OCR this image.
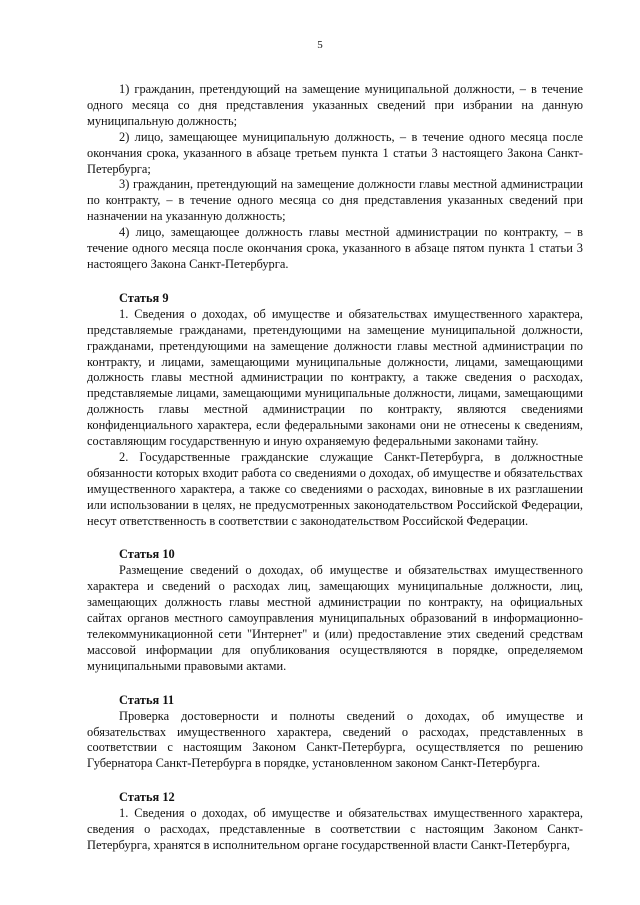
5

1) гражданин, претендующий на замещение муниципальной должности, – в течение одного месяца со дня представления указанных сведений при избрании на данную муниципальную должность;

2) лицо, замещающее муниципальную должность, – в течение одного месяца после окончания срока, указанного в абзаце третьем пункта 1 статьи 3 настоящего Закона Санкт-Петербурга;

3) гражданин, претендующий на замещение должности главы местной администрации по контракту, – в течение одного месяца со дня представления указанных сведений при назначении на указанную должность;

4) лицо, замещающее должность главы местной администрации по контракту, – в течение одного месяца после окончания срока, указанного в абзаце пятом пункта 1 статьи 3 настоящего Закона Санкт-Петербурга.

Статья 9

1. Сведения о доходах, об имуществе и обязательствах имущественного характера, представляемые гражданами, претендующими на замещение муниципальной должности, гражданами, претендующими на замещение должности главы местной администрации по контракту, и лицами, замещающими муниципальные должности, лицами, замещающими должность главы местной администрации по контракту, а также сведения о расходах, представляемые лицами, замещающими муниципальные должности, лицами, замещающими должность главы местной администрации по контракту, являются сведениями конфиденциального характера, если федеральными законами они не отнесены к сведениям, составляющим государственную и иную охраняемую федеральными законами тайну.

2. Государственные гражданские служащие Санкт-Петербурга, в должностные обязанности которых входит работа со сведениями о доходах, об имуществе и обязательствах имущественного характера, а также со сведениями о расходах, виновные в их разглашении или использовании в целях, не предусмотренных законодательством Российской Федерации, несут ответственность в соответствии с законодательством Российской Федерации.

Статья 10

Размещение сведений о доходах, об имуществе и обязательствах имущественного характера и сведений о расходах лиц, замещающих муниципальные должности, лиц, замещающих должность главы местной администрации по контракту, на официальных сайтах органов местного самоуправления муниципальных образований в информационно-телекоммуникационной сети "Интернет" и (или) предоставление этих сведений средствам массовой информации для опубликования осуществляются в порядке, определяемом муниципальными правовыми актами.

Статья 11

Проверка достоверности и полноты сведений о доходах, об имуществе и обязательствах имущественного характера, сведений о расходах, представленных в соответствии с настоящим Законом Санкт-Петербурга, осуществляется по решению Губернатора Санкт-Петербурга в порядке, установленном законом Санкт-Петербурга.

Статья 12

1. Сведения о доходах, об имуществе и обязательствах имущественного характера, сведения о расходах, представленные в соответствии с настоящим Законом Санкт-Петербурга, хранятся в исполнительном органе государственной власти Санкт-Петербурга,
